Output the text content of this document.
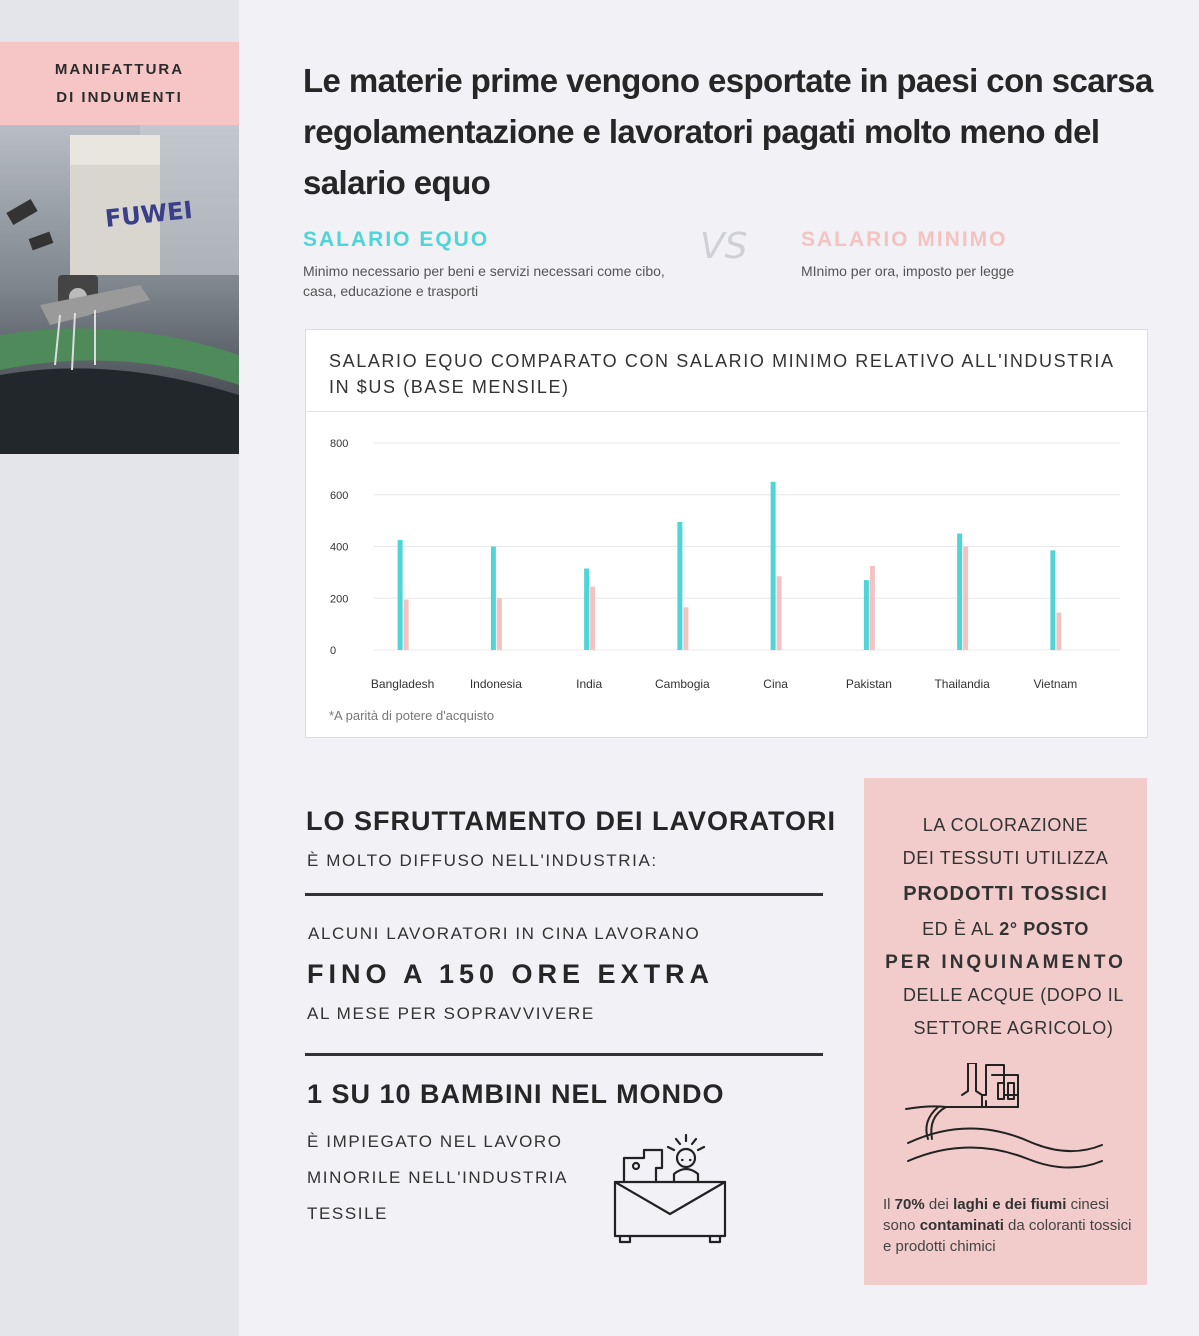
MANIFATTURA
DI INDUMENTI
FUWEI
Le materie prime vengono esportate in paesi con scarsa regolamentazione e lavoratori pagati molto meno del salario equo
SALARIO EQUO	VS	SALARIO MINIMO
Minimo necessario per beni e servizi necessari come cibo, casa, educazione e trasporti
MInimo per ora, imposto per legge
SALARIO EQUO COMPARATO CON SALARIO MINIMO RELATIVO ALL'INDUSTRIA IN $US (BASE MENSILE)
0
200
400
600
800
Bangladesh	Indonesia	India	Cambogia	Cina	Pakistan	Thailandia	Vietnam
*A parità di potere d'acquisto
LO SFRUTTAMENTO DEI LAVORATORI
È MOLTO DIFFUSO NELL'INDUSTRIA:
ALCUNI LAVORATORI IN CINA LAVORANO
FINO A 150 ORE EXTRA
AL MESE PER SOPRAVVIVERE
1 SU 10 BAMBINI NEL MONDO
È IMPIEGATO NEL LAVORO MINORILE NELL'INDUSTRIA TESSILE
LA COLORAZIONE
DEI TESSUTI UTILIZZA
PRODOTTI TOSSICI
ED È AL 2° POSTO
PER INQUINAMENTO
DELLE ACQUE (DOPO IL
SETTORE AGRICOLO)
Il 70% dei laghi e dei fiumi cinesi sono contaminati da coloranti tossici e prodotti chimici
